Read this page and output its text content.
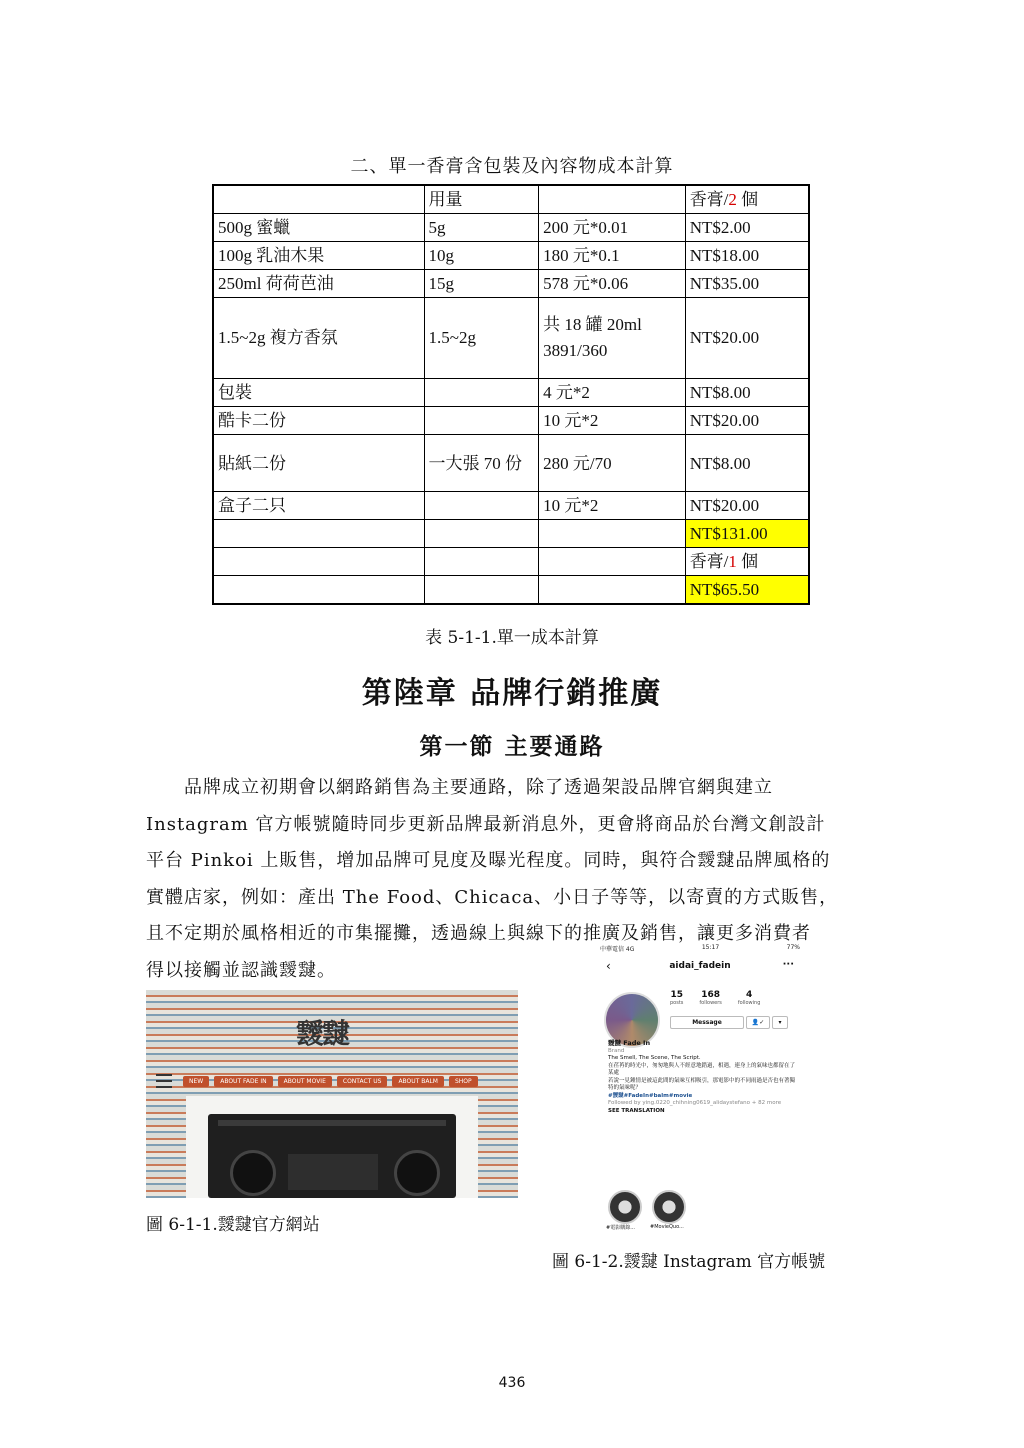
二、單一香膏含包裝及內容物成本計算
	用量		香膏/2 個
500g 蜜蠟	5g	200 元*0.01	NT$2.00
100g 乳油木果	10g	180 元*0.1	NT$18.00
250ml 荷荷芭油	15g	578 元*0.06	NT$35.00
1.5~2g 複方香氛	1.5~2g	共 18 罐 20ml 3891/360	NT$20.00
包裝		4 元*2	NT$8.00
酷卡二份		10 元*2	NT$20.00
貼紙二份	一大張 70 份	280 元/70	NT$8.00
盒子二只		10 元*2	NT$20.00
			NT$131.00
			香膏/1 個
			NT$65.50
表 5-1-1.單一成本計算
第陸章 品牌行銷推廣
第一節 主要通路

　　品牌成立初期會以網路銷售為主要通路，除了透過架設品牌官網與建立

Instagram 官方帳號隨時同步更新品牌最新消息外，更會將商品於台灣文創設計

平台 Pinkoi 上販售，增加品牌可見度及曝光程度。同時，與符合靉靆品牌風格的

實體店家，例如：產出 The Food、Chicaca、小日子等等，以寄賣的方式販售，

且不定期於風格相近的市集擺攤，透過線上與線下的推廣及銷售，讓更多消費者

得以接觸並認識靉靆。

靉靆
NEW	ABOUT FADE IN	ABOUT MOVIE	CONTACT US	ABOUT BALM	SHOP
中華電信 4G	15:17	77%
‹	aidai_fadein	···
15
posts
168
followers
4
following
Message	👤✓	▾
靉靆 Fade In
Brand
The Smell, The Scene, The Script.
在荏苒的時光中，匆匆地與人不經意地錯過，相遇，連身上的氣味也都留在了某處
若說一見鍾情是被這此間的氣味互相吸引，那電影中的不同雨過是否也有著獨特的氣味呢？
#靉靆#FadeIn#balm#movie
Followed by ying.0220_chihning0619_alidaystefano + 82 more
SEE TRANSLATION
#電影購錄...	#MovieQuo...
圖 6-1-1.靉靆官方網站
圖 6-1-2.靉靆 Instagram 官方帳號
436
